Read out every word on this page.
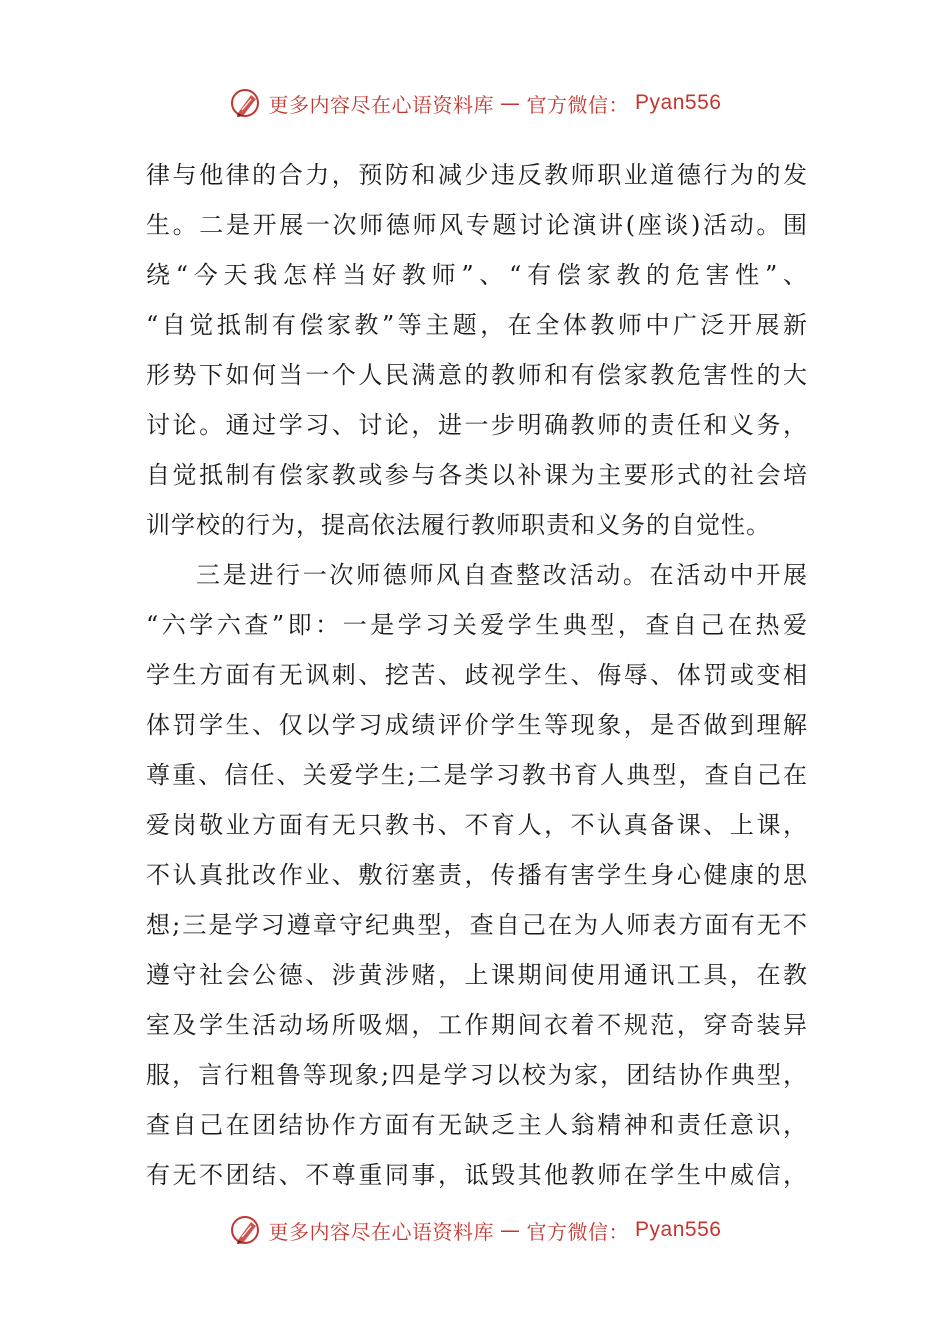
更多内容尽在心语资料库 — 官方微信： Pyan556
律与他律的合力，预防和减少违反教师职业道德行为的发
生。二是开展一次师德师风专题讨论演讲(座谈)活动。围
绕“今天我怎样当好教师”、“有偿家教的危害性”、
“自觉抵制有偿家教”等主题，在全体教师中广泛开展新
形势下如何当一个人民满意的教师和有偿家教危害性的大
讨论。通过学习、讨论，进一步明确教师的责任和义务，
自觉抵制有偿家教或参与各类以补课为主要形式的社会培
训学校的行为，提高依法履行教师职责和义务的自觉性。
三是进行一次师德师风自查整改活动。在活动中开展
“六学六查”即：一是学习关爱学生典型，查自己在热爱
学生方面有无讽刺、挖苦、歧视学生、侮辱、体罚或变相
体罚学生、仅以学习成绩评价学生等现象，是否做到理解
尊重、信任、关爱学生;二是学习教书育人典型，查自己在
爱岗敬业方面有无只教书、不育人，不认真备课、上课，
不认真批改作业、敷衍塞责，传播有害学生身心健康的思
想;三是学习遵章守纪典型，查自己在为人师表方面有无不
遵守社会公德、涉黄涉赌，上课期间使用通讯工具，在教
室及学生活动场所吸烟，工作期间衣着不规范，穿奇装异
服，言行粗鲁等现象;四是学习以校为家，团结协作典型，
查自己在团结协作方面有无缺乏主人翁精神和责任意识，
有无不团结、不尊重同事，诋毁其他教师在学生中威信，
更多内容尽在心语资料库 — 官方微信： Pyan556
